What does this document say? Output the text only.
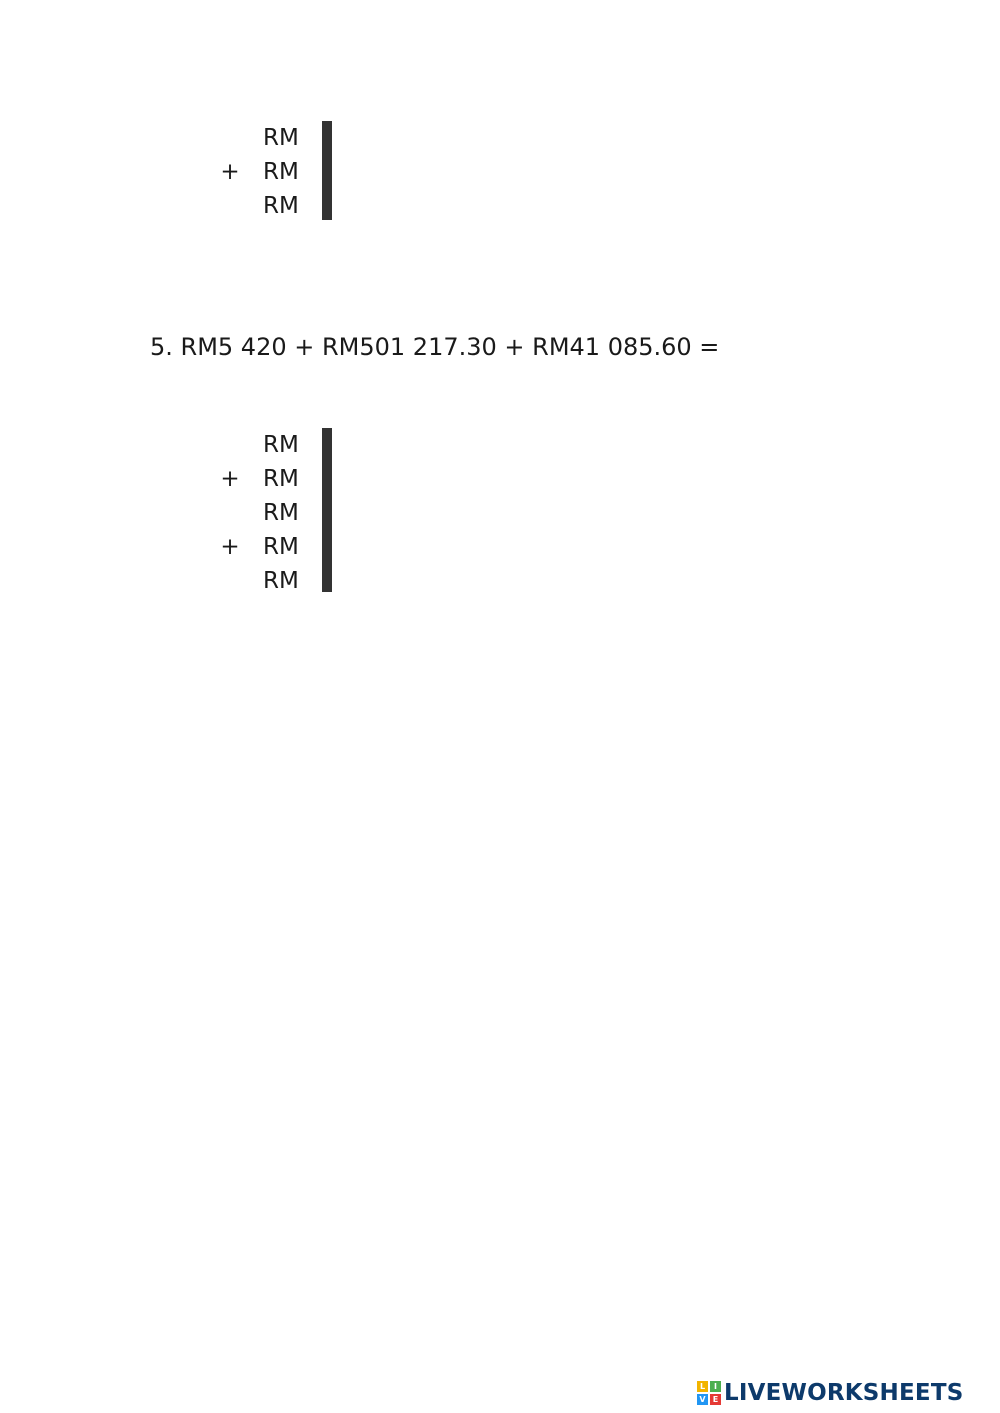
RM
+ RM
RM

5. RM5 420 + RM501 217.30 + RM41 085.60 =
RM
+ RM
RM
+ RM
RM

L	I
V E LIVEWORKSHEETS
